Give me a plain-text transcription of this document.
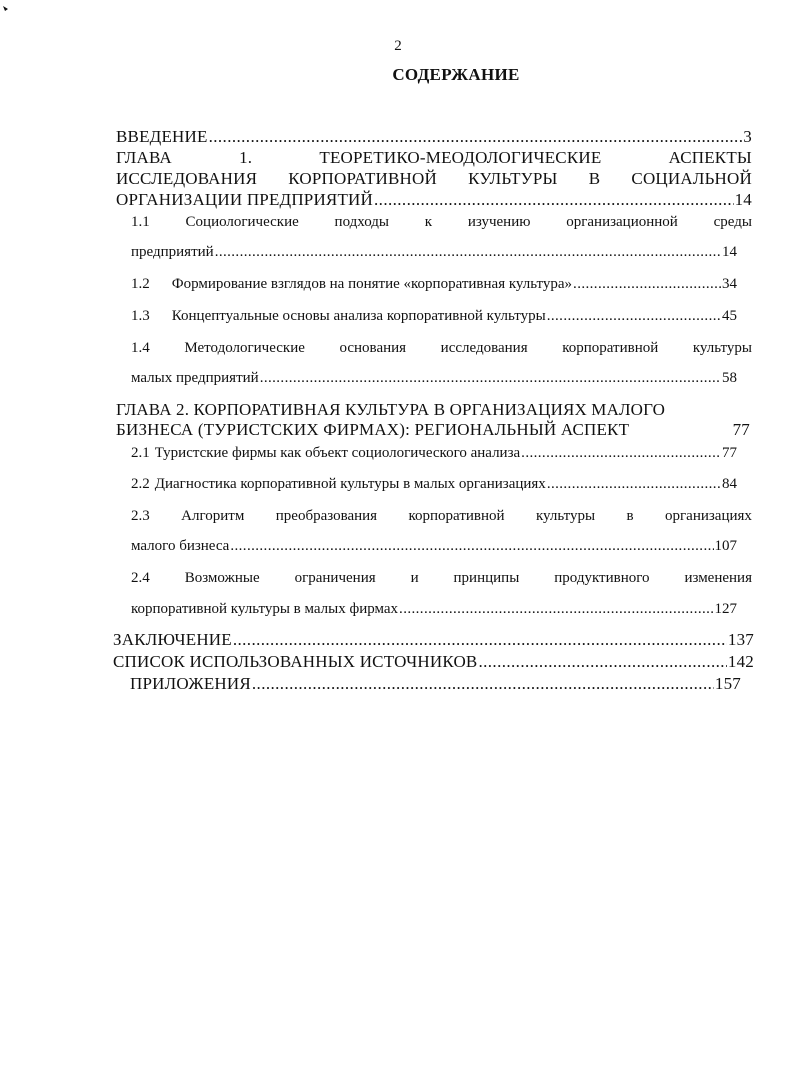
2
СОДЕРЖАНИЕ
ВВЕДЕНИЕ .....	3
ГЛАВА	1.	ТЕОРЕТИКО-МЕОДОЛОГИЧЕСКИЕ	АСПЕКТЫ
ИССЛЕДОВАНИЯ КОРПОРАТИВНОЙ КУЛЬТУРЫ В СОЦИАЛЬНОЙ
ОРГАНИЗАЦИИ ПРЕДПРИЯТИЙ .....	14
1.1 Социологические подходы к изучению организационной среды
предприятий .....	14
1.2 Формирование взглядов на понятие «корпоративная культура» .....	34
1.3 Концептуальные основы анализа корпоративной культуры .....	45
1.4 Методологические основания исследования корпоративной культуры
малых предприятий .....	58
ГЛАВА 2. КОРПОРАТИВНАЯ КУЛЬТУРА В ОРГАНИЗАЦИЯХ МАЛОГО
БИЗНЕСА (ТУРИСТСКИХ ФИРМАХ): РЕГИОНАЛЬНЫЙ АСПЕКТ	77
2.1 Туристские фирмы как объект социологического анализа .....	77
2.2 Диагностика корпоративной культуры в малых организациях .....	84
2.3 Алгоритм преобразования корпоративной культуры в организациях
малого бизнеса .....	107
2.4 Возможные ограничения и принципы продуктивного изменения
корпоративной культуры в малых фирмах .....	127
ЗАКЛЮЧЕНИЕ .....	137
СПИСОК ИСПОЛЬЗОВАННЫХ ИСТОЧНИКОВ .....	142
ПРИЛОЖЕНИЯ .....	157
